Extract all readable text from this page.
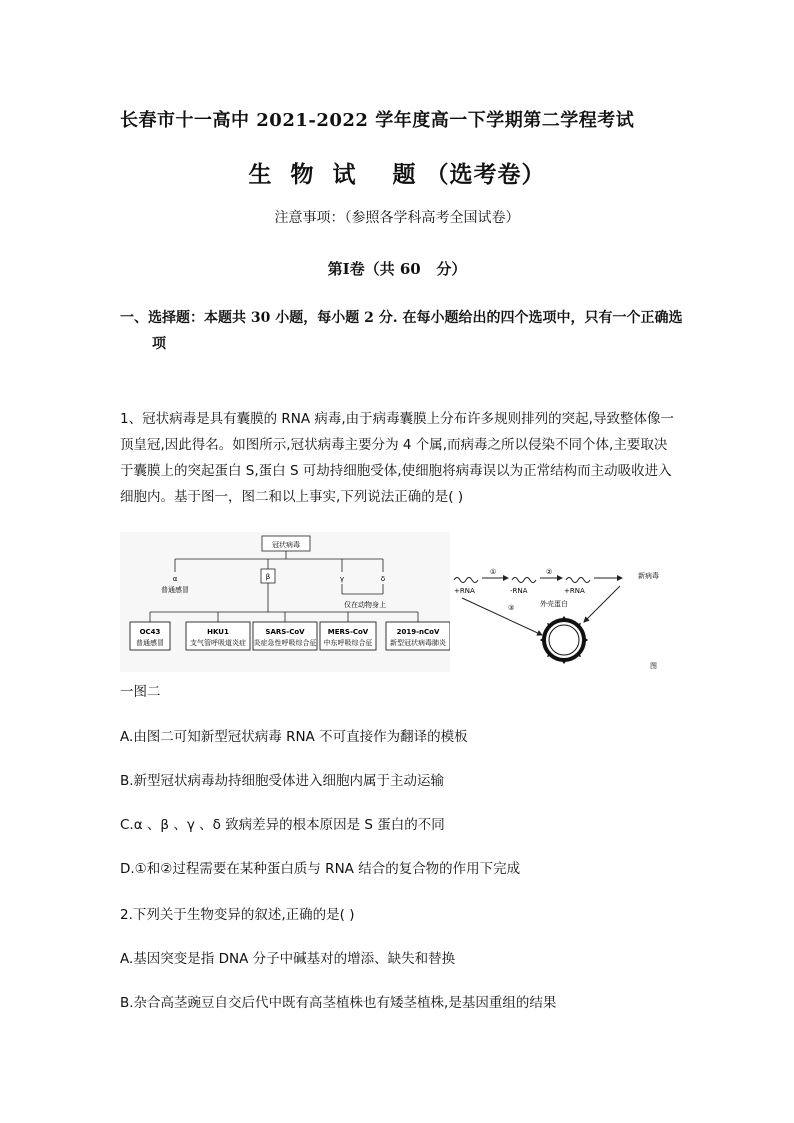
长春市十一高中 2021-2022 学年度高一下学期第二学程考试
生  物  试    题 （选考卷）
注意事项：（参照各学科高考全国试卷）
第Ⅰ卷（共 60   分）
一、选择题：本题共 30 小题，每小题 2 分. 在每小题给出的四个选项中，只有一个正确选
项
1、冠状病毒是具有囊膜的 RNA 病毒,由于病毒囊膜上分布许多规则排列的突起,导致整体像一顶皇冠,因此得名。如图所示,冠状病毒主要分为 4 个属,而病毒之所以侵染不同个体,主要取决于囊膜上的突起蛋白 S,蛋白 S 可劫持细胞受体,使细胞将病毒误以为正常结构而主动吸收进入细胞内。基于图一，图二和以上事实,下列说法正确的是( )
冠状病毒
α
普通感冒
β	γ	δ
仅在动物身上
OC43
普通感冒
HKU1
支气管呼吸道炎症
SARS-CoV
炎症急性呼吸综合征
MERS-CoV
中东呼吸综合征
2019-nCoV
新型冠状病毒肺炎
+RNA	-RNA	+RNA
①	②	新病毒
③	外壳蛋白
图
一图二
A.由图二可知新型冠状病毒 RNA 不可直接作为翻译的模板
B.新型冠状病毒劫持细胞受体进入细胞内属于主动运输
C.α 、β 、γ 、δ 致病差异的根本原因是 S 蛋白的不同
D.①和②过程需要在某种蛋白质与 RNA 结合的复合物的作用下完成
2.下列关于生物变异的叙述,正确的是( )
A.基因突变是指 DNA 分子中碱基对的增添、缺失和替换
B.杂合高茎豌豆自交后代中既有高茎植株也有矮茎植株,是基因重组的结果
